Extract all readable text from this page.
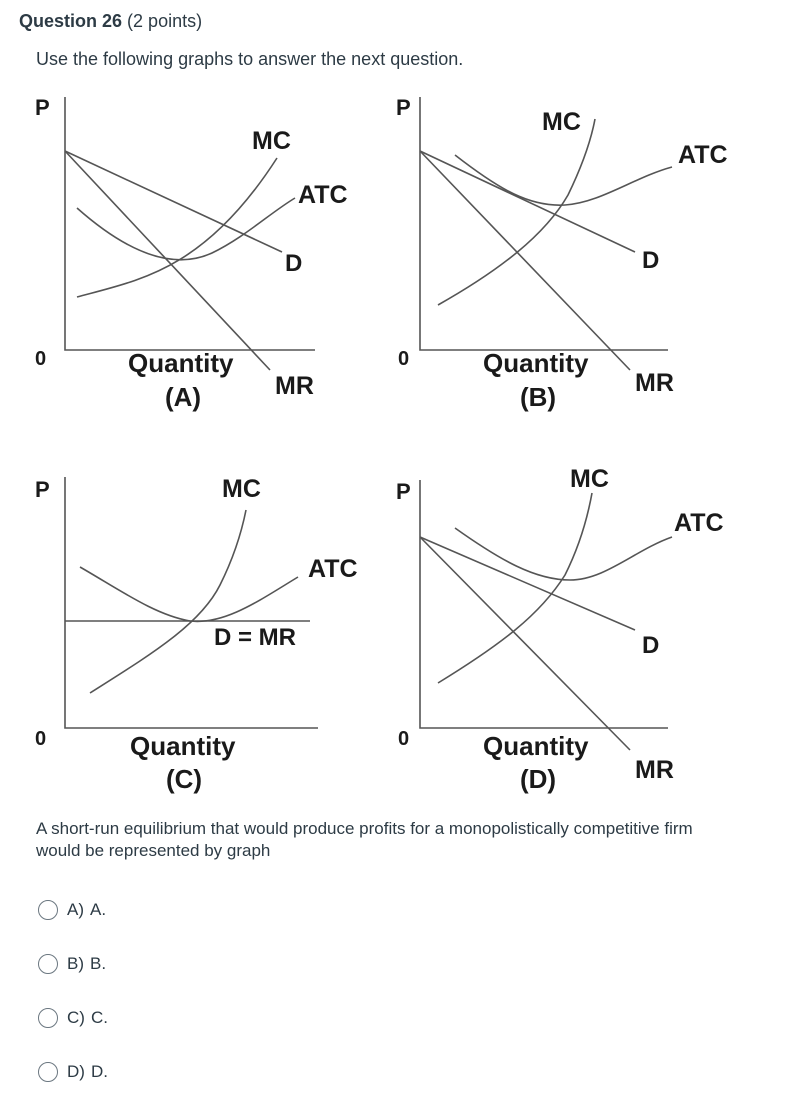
Question 26 (2 points)
Use the following graphs to answer the next question.
P
0
MC
ATC
D
Quantity
(A)	MR
P
0
MC
ATC
D
Quantity
(B)	MR
P
0
MC
ATC
D = MR
Quantity
(C)
P
0
MC
ATC
D
Quantity
(D)	MR
A short-run equilibrium that would produce profits for a monopolistically competitive firm would be represented by graph
A) A.
B) B.
C) C.
D) D.
